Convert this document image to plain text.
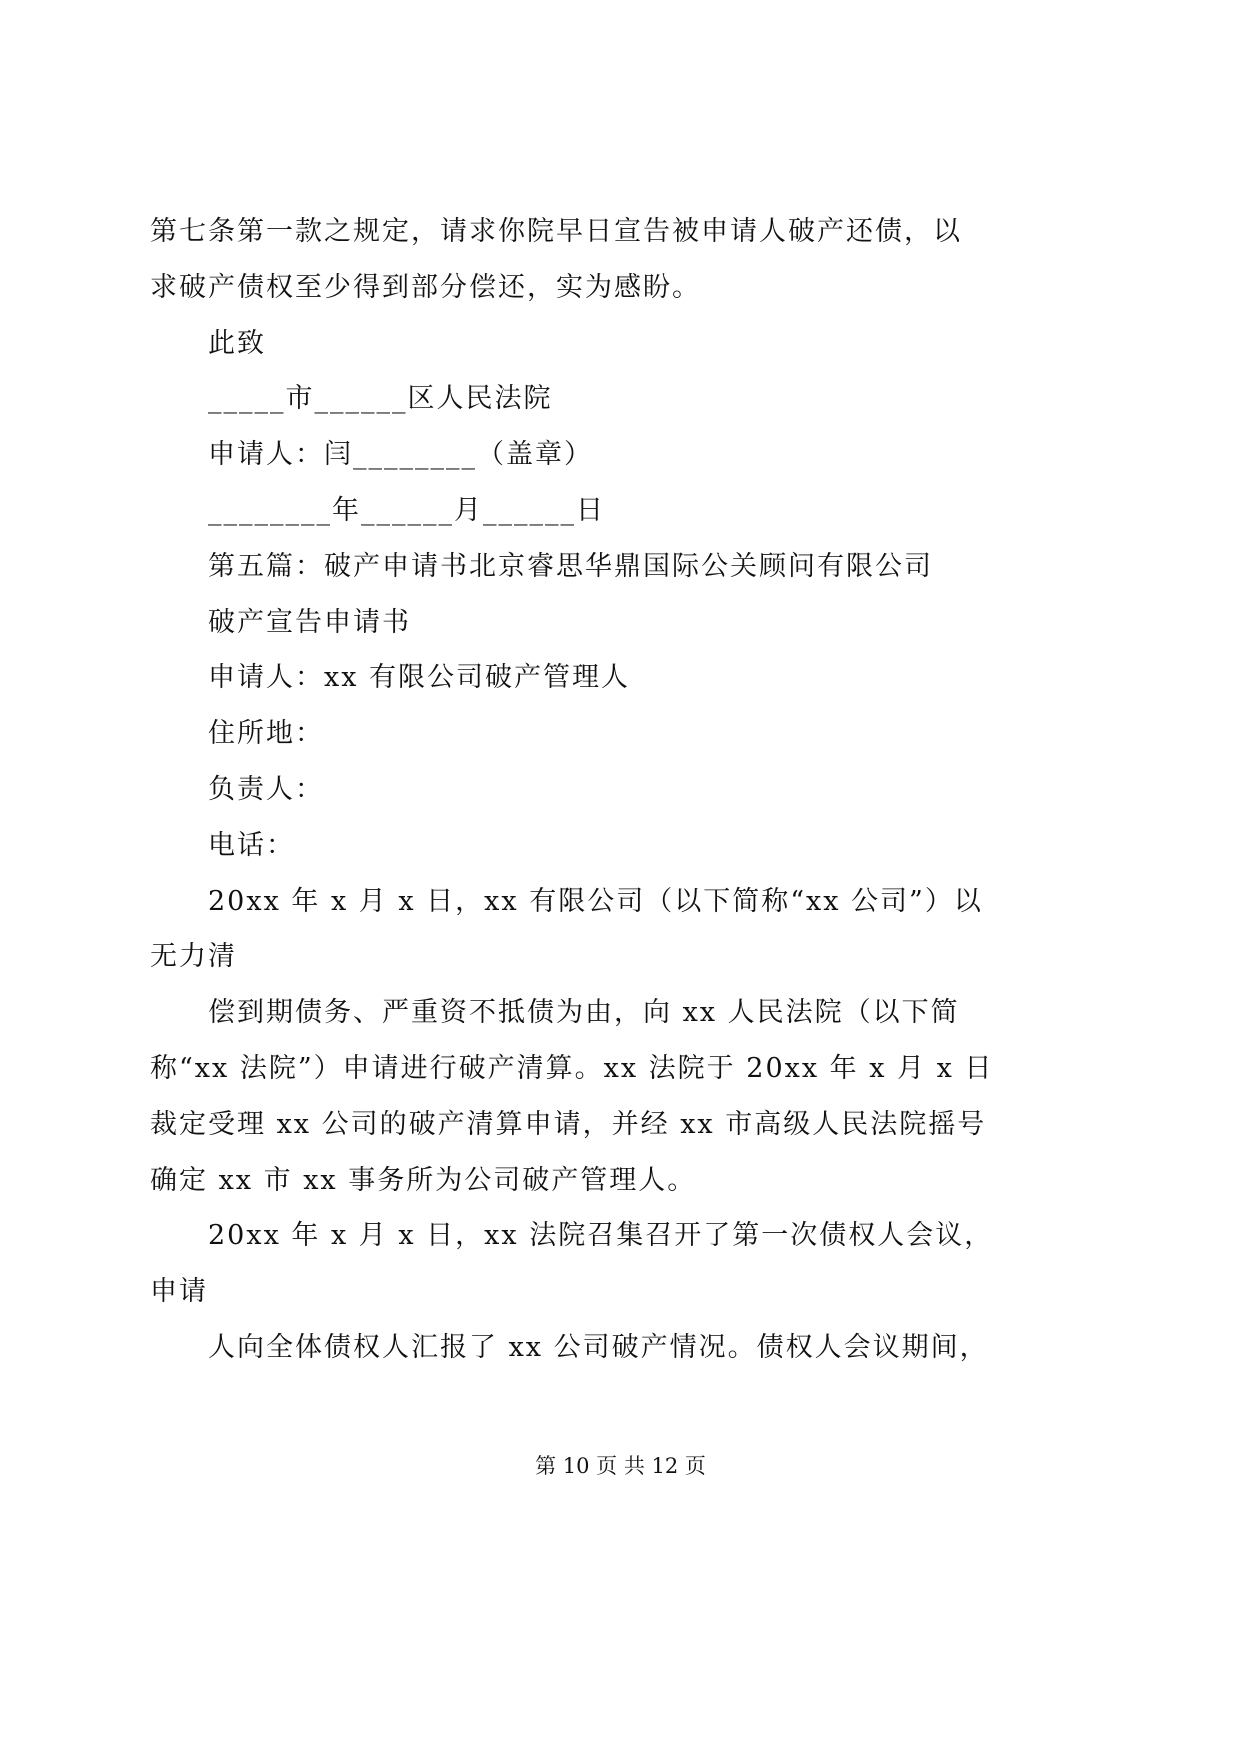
第七条第一款之规定，请求你院早日宣告被申请人破产还债，以
求破产债权至少得到部分偿还，实为感盼。
此致
_____市______区人民法院
申请人：闫________（盖章）
________年______月______日
第五篇：破产申请书北京睿思华鼎国际公关顾问有限公司
破产宣告申请书
申请人：xx 有限公司破产管理人
住所地：
负责人：
电话：
20xx 年 x 月 x 日，xx 有限公司（以下简称“xx 公司”）以
无力清
偿到期债务、严重资不抵债为由，向 xx 人民法院（以下简
称“xx 法院”）申请进行破产清算。xx 法院于 20xx 年 x 月 x 日
裁定受理 xx 公司的破产清算申请，并经 xx 市高级人民法院摇号
确定 xx 市 xx 事务所为公司破产管理人。
20xx 年 x 月 x 日，xx 法院召集召开了第一次债权人会议，
申请
人向全体债权人汇报了 xx 公司破产情况。债权人会议期间，
第 10 页 共 12 页
